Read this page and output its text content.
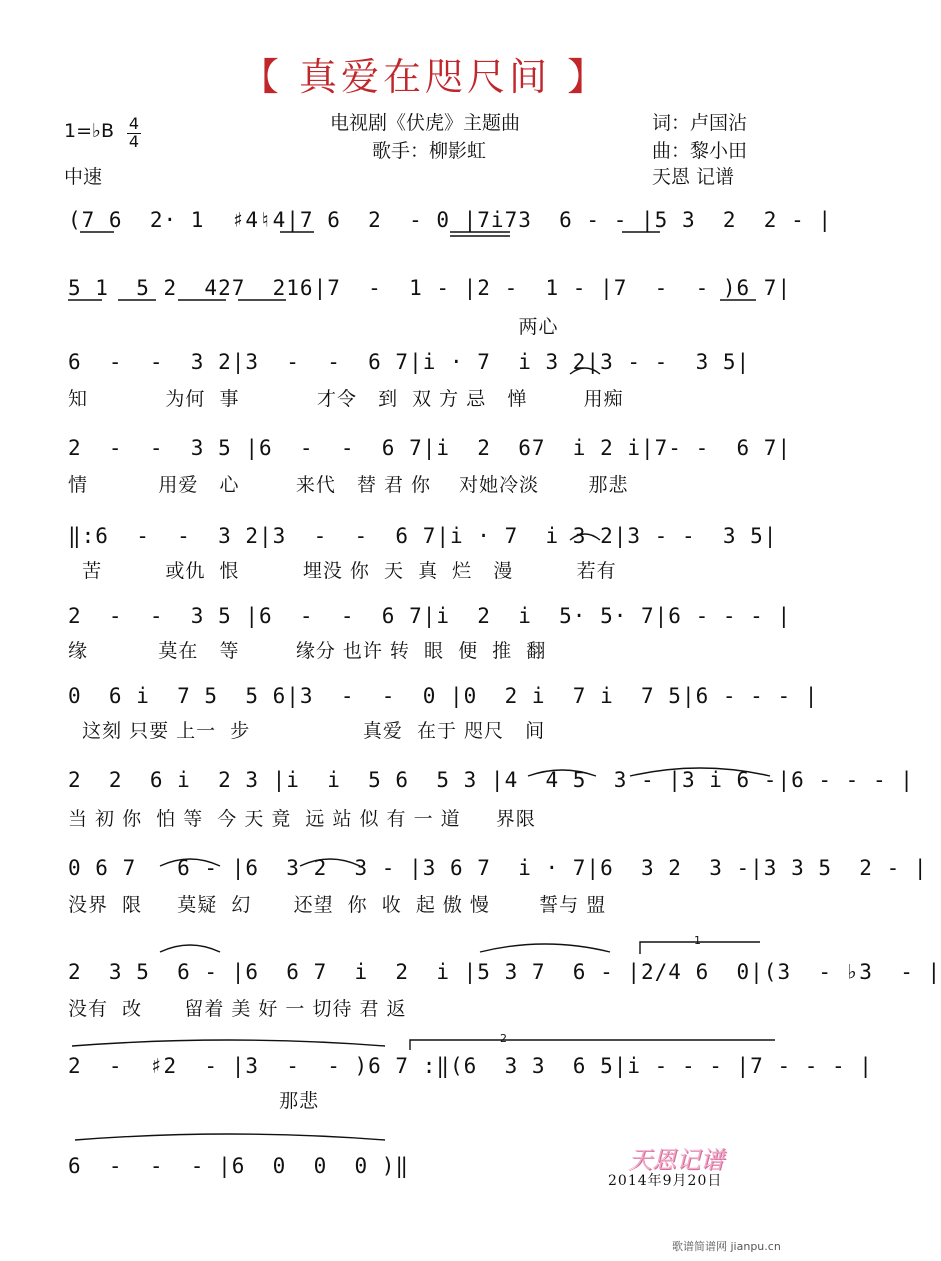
【 真爱在咫尺间 】
1=♭B 4
4
中速
电视剧《伏虎》主题曲
歌手：柳影虹
词：卢国沾
曲：黎小田
天恩 记谱
(7 6  2· 1  ♯4♮4|7 6  2  - 0 |7i73  6 - - |5 3  2  2 - |
5 1  5 2  427  216|7  -  1 - |2 -  1 - |7  -  - )6 7|
6  -  -  3 2|3  -  -  6 7|i · 7  i 3 2|3 - -  3 5|
2  -  -  3 5 |6  -  -  6 7|i  2  67  i 2 i|7- -  6 7|
‖:6  -  -  3 2|3  -  -  6 7|i · 7  i 3 2|3 - -  3 5|
2  -  -  3 5 |6  -  -  6 7|i  2  i  5· 5· 7|6 - - - |
0  6 i  7 5  5 6|3  -  -  0 |0  2 i  7 i  7 5|6 - - - |
2  2  6 i  2 3 |i  i  5 6  5 3 |4  4 5  3 - |3 i 6 -|6 - - - |
0 6 7   6 - |6  3 2  3 - |3 6 7  i · 7|6  3 2  3 -|3 3 5  2 - |
2  3 5  6 - |6  6 7  i  2  i |5 3 7  6 - |2/4 6  0|(3  - ♭3  - |
2  -  ♯2  - |3  -  - )6 7 :‖(6  3 3  6 5|i - - - |7 - - - |
6  -  -  - |6  0  0  0 )‖
两心
知           为何  事           才令   到  双 方 忌   惮        用痴
情          用爱   心        来代   替 君 你    对她冷淡       那悲
苦         或仇  恨         埋没 你  天  真  烂   漫         若有
缘          莫在   等        缘分 也许 转  眼  便  推  翻
这刻 只要 上一  步                真爱  在于 咫尺   间
当 初 你  怕 等  今 天 竟  远 站 似 有 一 道     界限
没界  限     莫疑  幻      还望  你  收  起 傲 慢       誓与 盟
没有  改      留着 美 好 一 切待 君 返
那悲
1
2
天恩记谱
2014年9月20日
歌谱简谱网 jianpu.cn
